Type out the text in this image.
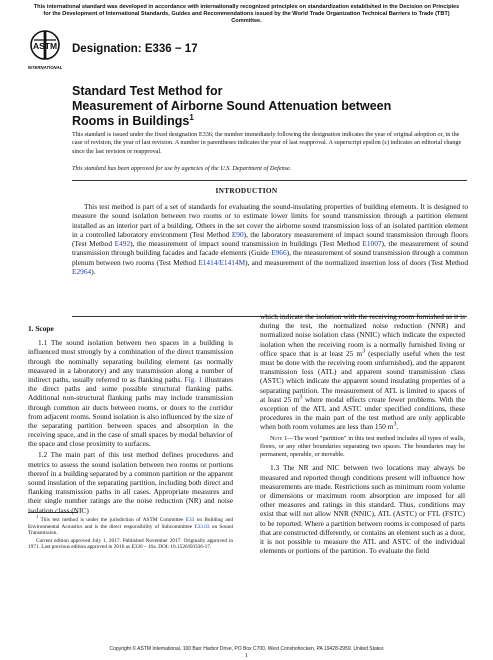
This international standard was developed in accordance with internationally recognized principles on standardization established in the Decision on Principles for the Development of International Standards, Guides and Recommendations issued by the World Trade Organization Technical Barriers to Trade (TBT) Committee.
ASTM
INTERNATIONAL
Designation: E336 − 17
Standard Test Method for
Measurement of Airborne Sound Attenuation between
Rooms in Buildings$^1$
This standard is issued under the fixed designation E336; the number immediately following the designation indicates the year of original adoption or, in the case of revision, the year of last revision. A number in parentheses indicates the year of last reapproval. A superscript epsilon (ε) indicates an editorial change since the last revision or reapproval.
This standard has been approved for use by agencies of the U.S. Department of Defense.
INTRODUCTION
This test method is part of a set of standards for evaluating the sound-insulating properties of building elements. It is designed to measure the sound isolation between two rooms or to estimate lower limits for sound transmission through a partition element installed as an interior part of a building. Others in the set cover the airborne sound transmission loss of an isolated partition element in a controlled laboratory environment (Test Method E90), the laboratory measurement of impact sound transmission through floors (Test Method E492), the measurement of impact sound transmission in buildings (Test Method E1007), the measurement of sound transmission through building facades and facade elements (Guide E966), the measurement of sound transmission through a common plenum between two rooms (Test Method E1414/E1414M), and measurement of the normalized insertion loss of doors (Test Method E2964).

1. Scope

1.1 The sound isolation between two spaces in a building is influenced most strongly by a combination of the direct transmission through the nominally separating building element (as normally measured in a laboratory) and any transmission along a number of indirect paths, usually referred to as flanking paths. Fig. 1 illustrates the direct paths and some possible structural flanking paths. Additional non-structural flanking paths may include transmission through common air ducts between rooms, or doors to the corridor from adjacent rooms. Sound isolation is also influenced by the size of the separating partition between spaces and absorption in the receiving space, and in the case of small spaces by modal behavior of the space and close proximity to surfaces.

1.2 The main part of this test method defines procedures and metrics to assess the sound isolation between two rooms or portions thereof in a building separated by a common partition or the apparent sound insulation of the separating partition, including both direct and flanking transmission paths in all cases. Appropriate measures and their single number ratings are the noise reduction (NR) and noise isolation class (NIC)

which indicate the isolation with the receiving room furnished as it is during the test, the normalized noise reduction (NNR) and normalized noise isolation class (NNIC) which indicate the expected isolation when the receiving room is a normally furnished living or office space that is at least 25 $m^3$ (especially useful when the test must be done with the receiving room unfurnished), and the apparent transmission loss (ATL) and apparent sound transmission class (ASTC) which indicate the apparent sound insulating properties of a separating partition. The measurement of ATL is limited to spaces of at least 25 $m^3$ where modal effects create fewer problems. With the exception of the ATL and ASTC under specified conditions, these procedures in the main part of the test method are only applicable when both room volumes are less than 150 $m^3$.

Note 1—The word "partition" in this test method includes all types of walls, floors, or any other boundaries separating two spaces. The boundaries may be permanent, operable, or movable.

1.3 The NR and NIC between two locations may always be measured and reported though conditions present will influence how measurements are made. Restrictions such as minimum room volume or dimensions or maximum room absorption are imposed for all other measures and ratings in this standard. Thus, conditions may exist that will not allow NNR (NNIC), ATL (ASTC) or FTL (FSTC) to be reported. Where a partition between rooms is composed of parts that are constructed differently, or contains an element such as a door, it is not possible to measure the ATL and ASTC of the individual elements or portions of the partition. To evaluate the field

$^1$ This test method is under the jurisdiction of ASTM Committee E33 on Building and Environmental Acoustics and is the direct responsibility of Subcommittee E33.03 on Sound Transmission.

Current edition approved July 1, 2017. Published November 2017. Originally approved in 1971. Last previous edition approved in 2016 as E336 – 16a. DOI: 10.1520/E0336-17.

Copyright © ASTM International, 100 Barr Harbor Drive, PO Box C700, West Conshohocken, PA 19428-2959. United States
1
